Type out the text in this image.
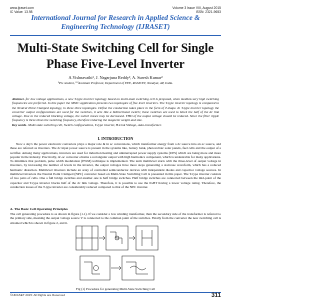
www.ijraset.com
IC Value: 13.98
Volume 3 Issue VIII, August 2015
ISSN: 2321-9653
International Journal for Research in Applied Science & Engineering Technology (IJRASET)
Multi-State Switching Cell for Single Phase Five-Level Inverter
A.Vishnavathi¹, J. Nagarjuna Reddy², A. Suresh Kumar³
¹PG student, ²·³Assistant Professor, Department of EEE, RGMCET, Nandyal, AP, India.
Abstract- for low voltage applications, a new T-type inverter topology based on multi-state switching cell is proposed, when medium-very high switching frequencies are preferred. In this paper the MSSC application presents two topologies of five level inverters. The T-type inverter topology is compared to the Neutral Point Clamped topology, in these three topologies. Define the conduction takes place in the form of T-shape. In T-type inverter topology the converter output configurations are used for the switches, it acts like a bidirectional switch; these switches are used to block the half of the dc link voltage. Due to the reduced blocking voltage, the switch losses may be decreased. THD of the output voltage should be reduced. Since the filter ripple frequency is three times the switching frequency, therefore reducing the magnetic weight and size.
Key words- Multi-state switching cell, Switch configurations, T-type inverter, H-Link Voltage, Auto-transformer.
I. INTRODUCTION

Now a day's the power electronic converters plays a major role & in ac conversions, which transformer energy from a dc source into an ac source, and these are referred as inverters. The dc input power source is present in the systems like, battery bank, photovoltaic solar panels, fuel cells and the output of a rectifier. Among many applications, inverters are used for induction heating and uninterrupted power supply systems (UPS) which are being more and more popular in the industry. Practically, dc-ac converter obtains a rectangular output with high harmonics component, which is undesirable for many applications. To minimize that problem, pulse width modulation (PWM) technique is implemented. The term multilevel starts with the three-level of output voltage in inverters, by increasing the number of levels in the inverter, the output voltages have more steps generating a staircase waveform, which has a reduced harmonic distortion. Multilevel inverters include an array of controlled semiconductor devices with independent diodes and capacitor voltage sources. In multilevel inverters the Neutral Point Clamped (NPC) converter based on Multi-State Switching Cell is presented in this paper. The T-type inverter consists of two pairs of cells. One a full bridge switches and another one is half bridge switches. Half bridge switches are connected between the mid-point of the capacitor and T-type inverter blocks half of the dc link voltage. Therefore, it is possible to use the IGBT having a lower voltage rating. Therefore, the conduction losses of the T-type inverter are considerably reduced compared to that of the NPC inverter.

A. The Basic Cell Operating Principles
The cell generating procedure is as shown in figure (1.1). If we consider a low winding transformer, then the secondary side of the transformer is referred to the primary side, meaning the output voltage source V is connected to the common point of the switches. Finally from the converter the new switching cell is obtained which is shown in figure 2, and it.
Fig (1) Procedure for generating Multi-State Switching Cell
©IJRASET 2015: All Rights are Reserved	311
